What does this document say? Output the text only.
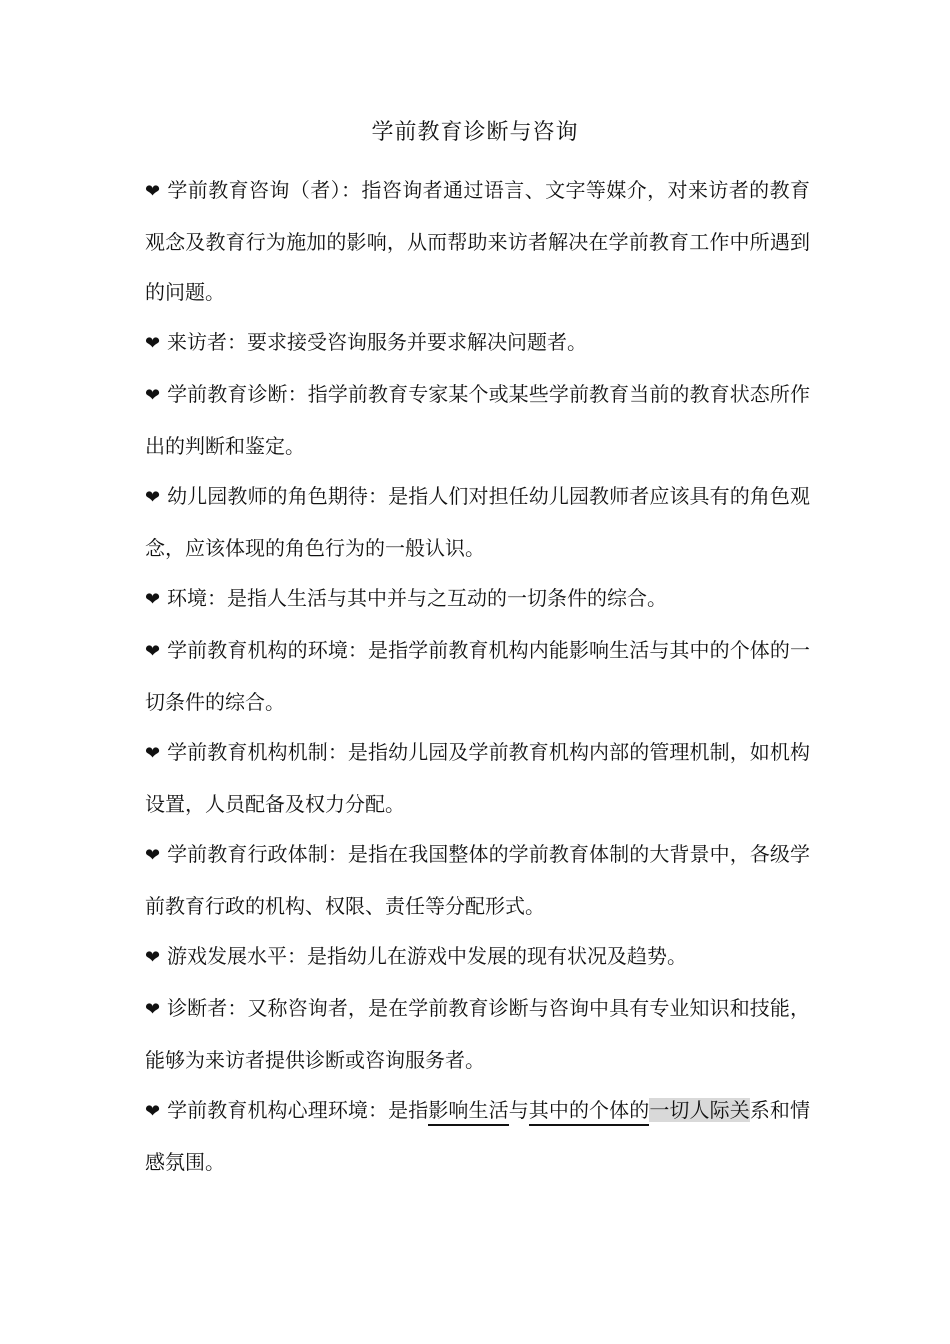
学前教育诊断与咨询

❤ 学前教育咨询（者）：指咨询者通过语言、文字等媒介，对来访者的教育观念及教育行为施加的影响，从而帮助来访者解决在学前教育工作中所遇到的问题。

❤ 来访者：要求接受咨询服务并要求解决问题者。

❤ 学前教育诊断：指学前教育专家某个或某些学前教育当前的教育状态所作出的判断和鉴定。

❤ 幼儿园教师的角色期待：是指人们对担任幼儿园教师者应该具有的角色观念，应该体现的角色行为的一般认识。

❤ 环境：是指人生活与其中并与之互动的一切条件的综合。

❤ 学前教育机构的环境：是指学前教育机构内能影响生活与其中的个体的一切条件的综合。

❤ 学前教育机构机制：是指幼儿园及学前教育机构内部的管理机制，如机构设置，人员配备及权力分配。

❤ 学前教育行政体制：是指在我国整体的学前教育体制的大背景中，各级学前教育行政的机构、权限、责任等分配形式。

❤ 游戏发展水平：是指幼儿在游戏中发展的现有状况及趋势。

❤ 诊断者：又称咨询者，是在学前教育诊断与咨询中具有专业知识和技能，能够为来访者提供诊断或咨询服务者。

❤ 学前教育机构心理环境：是指影响生活与其中的个体的一切人际关系和情感氛围。
